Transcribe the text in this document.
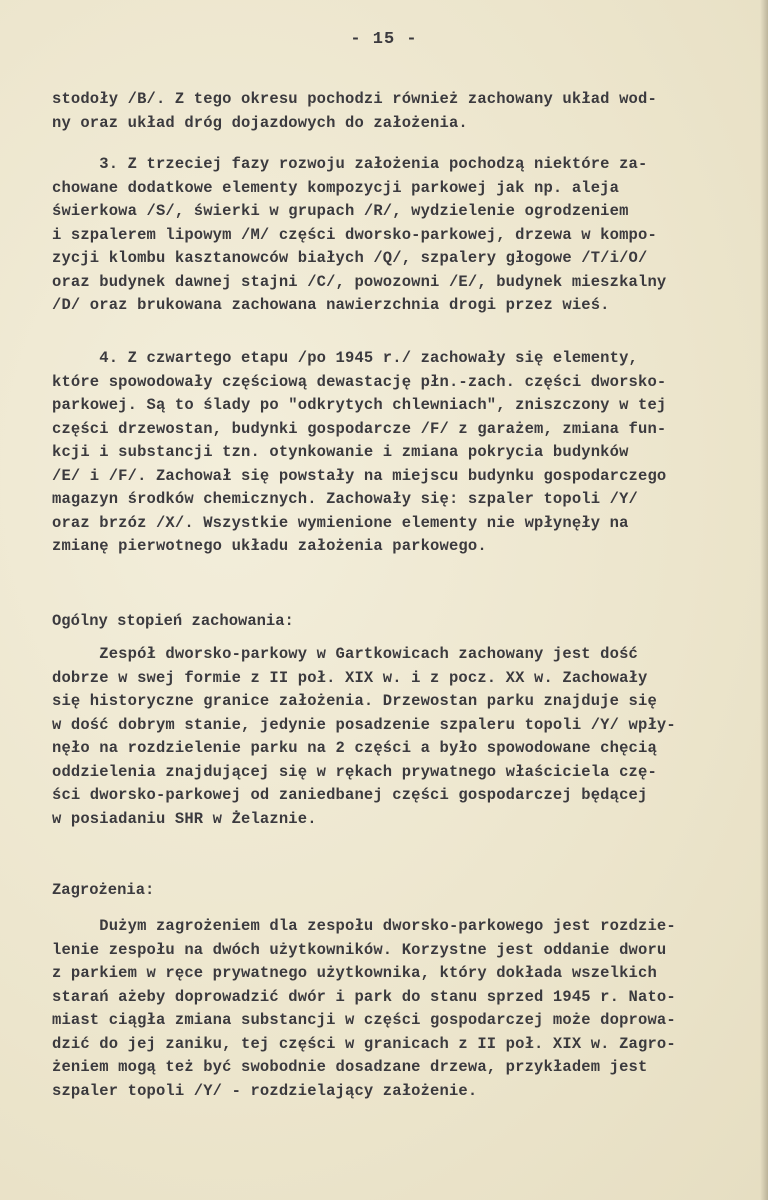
- 15 -
stodoły /B/. Z tego okresu pochodzi również zachowany układ wod-
ny oraz układ dróg dojazdowych do założenia.
3. Z trzeciej fazy rozwoju założenia pochodzą niektóre za-
chowane dodatkowe elementy kompozycji parkowej jak np. aleja
świerkowa /S/, świerki w grupach /R/, wydzielenie ogrodzeniem
i szpalerem lipowym /M/ części dworsko-parkowej, drzewa w kompo-
zycji klombu kasztanowców białych /Q/, szpalery głogowe /T/i/O/
oraz budynek dawnej stajni /C/, powozowni /E/, budynek mieszkalny
/D/ oraz brukowana zachowana nawierzchnia drogi przez wieś.
4. Z czwartego etapu /po 1945 r./ zachowały się elementy,
które spowodowały częściową dewastację płn.-zach. części dworsko-
parkowej. Są to ślady po "odkrytych chlewniach", zniszczony w tej
części drzewostan, budynki gospodarcze /F/ z garażem, zmiana fun-
kcji i substancji tzn. otynkowanie i zmiana pokrycia budynków
/E/ i /F/. Zachował się powstały na miejscu budynku gospodarczego
magazyn środków chemicznych. Zachowały się: szpaler topoli /Y/
oraz brzóz /X/. Wszystkie wymienione elementy nie wpłynęły na
zmianę pierwotnego układu założenia parkowego.
Ogólny stopień zachowania:
Zespół dworsko-parkowy w Gartkowicach zachowany jest dość
dobrze w swej formie z II poł. XIX w. i z pocz. XX w. Zachowały
się historyczne granice założenia. Drzewostan parku znajduje się
w dość dobrym stanie, jedynie posadzenie szpaleru topoli /Y/ wpły-
nęło na rozdzielenie parku na 2 części a było spowodowane chęcią
oddzielenia znajdującej się w rękach prywatnego właściciela czę-
ści dworsko-parkowej od zaniedbanej części gospodarczej będącej
w posiadaniu SHR w Żelaznie.
Zagrożenia:
Dużym zagrożeniem dla zespołu dworsko-parkowego jest rozdzie-
lenie zespołu na dwóch użytkowników. Korzystne jest oddanie dworu
z parkiem w ręce prywatnego użytkownika, który dokłada wszelkich
starań ażeby doprowadzić dwór i park do stanu sprzed 1945 r. Nato-
miast ciągła zmiana substancji w części gospodarczej może doprowa-
dzić do jej zaniku, tej części w granicach z II poł. XIX w. Zagro-
żeniem mogą też być swobodnie dosadzane drzewa, przykładem jest
szpaler topoli /Y/ - rozdzielający założenie.
